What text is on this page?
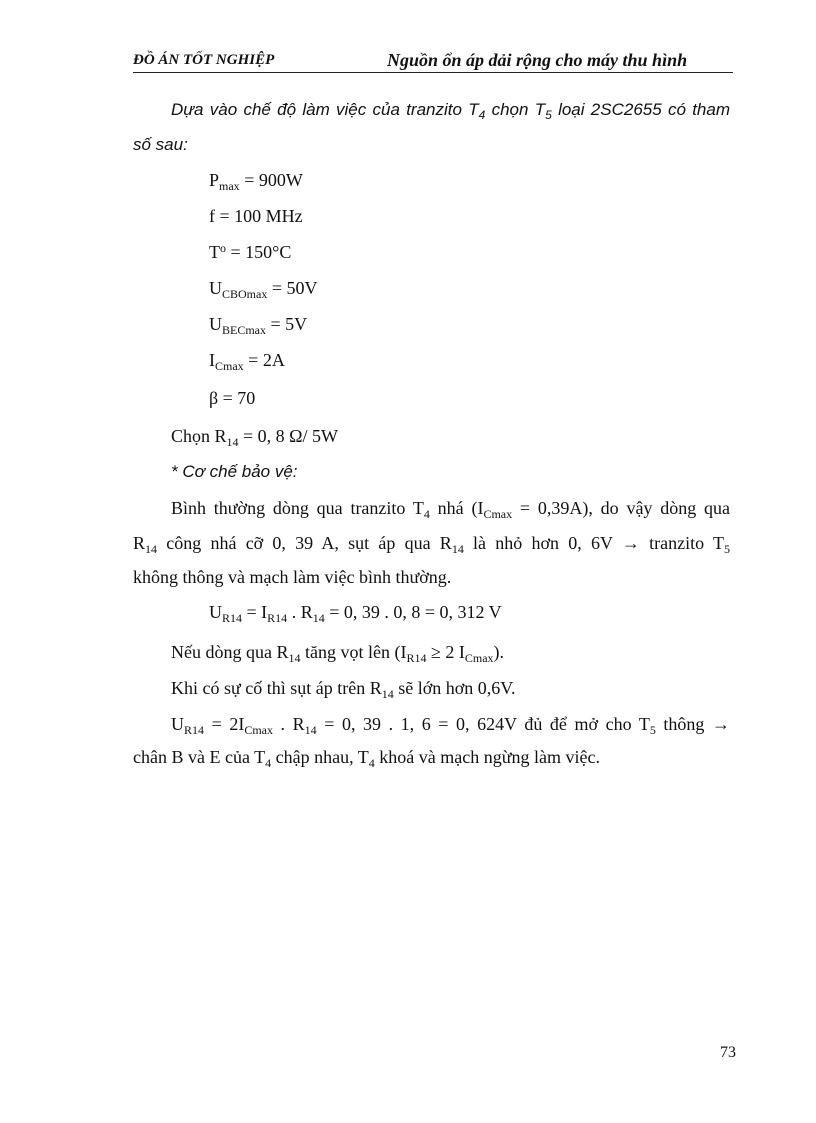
ĐỒ ÁN TỐT NGHIỆP	Nguồn ổn áp dải rộng cho máy thu hình
Dựa vào chế độ làm việc của tranzito $T_4$ chọn $T_5$ loại 2SC2655 có tham
số sau:
$P_{max} = 900W$
f = 100 MHz
$T^o = 150^\circ C$
$U_{CBOmax} = 50V$
$U_{BECmax} = 5V$
$I_{Cmax} = 2A$
β = 70
Chọn $R_{14} = 0$, 8 Ω/ 5W
* Cơ chế bảo vệ:
Bình thường dòng qua tranzito $T_4$ nhá $(I_{Cmax} = 0,39A)$, do vậy dòng qua
$R_{14}$ công nhá cỡ 0, 39 A, sụt áp qua $R_{14}$ là nhỏ hơn 0, 6V → tranzito $T_5$
không thông và mạch làm việc bình thường.
$U_{R14} = I_{R14}$ . $R_{14} = 0$, 39 . 0, 8 = 0, 312 V
Nếu dòng qua $R_{14}$ tăng vọt lên ($I_{R14} \ge 2$ $I_{Cmax}$).
Khi có sự cố thì sụt áp trên $R_{14}$ sẽ lớn hơn 0,6V.
$U_{R14} = 2I_{Cmax}$ . $R_{14} = 0$, 39 . 1, 6 = 0, 624V đủ để mở cho $T_5$ thông →
chân B và E của $T_4$ chập nhau, $T_4$ khoá và mạch ngừng làm việc.
73
